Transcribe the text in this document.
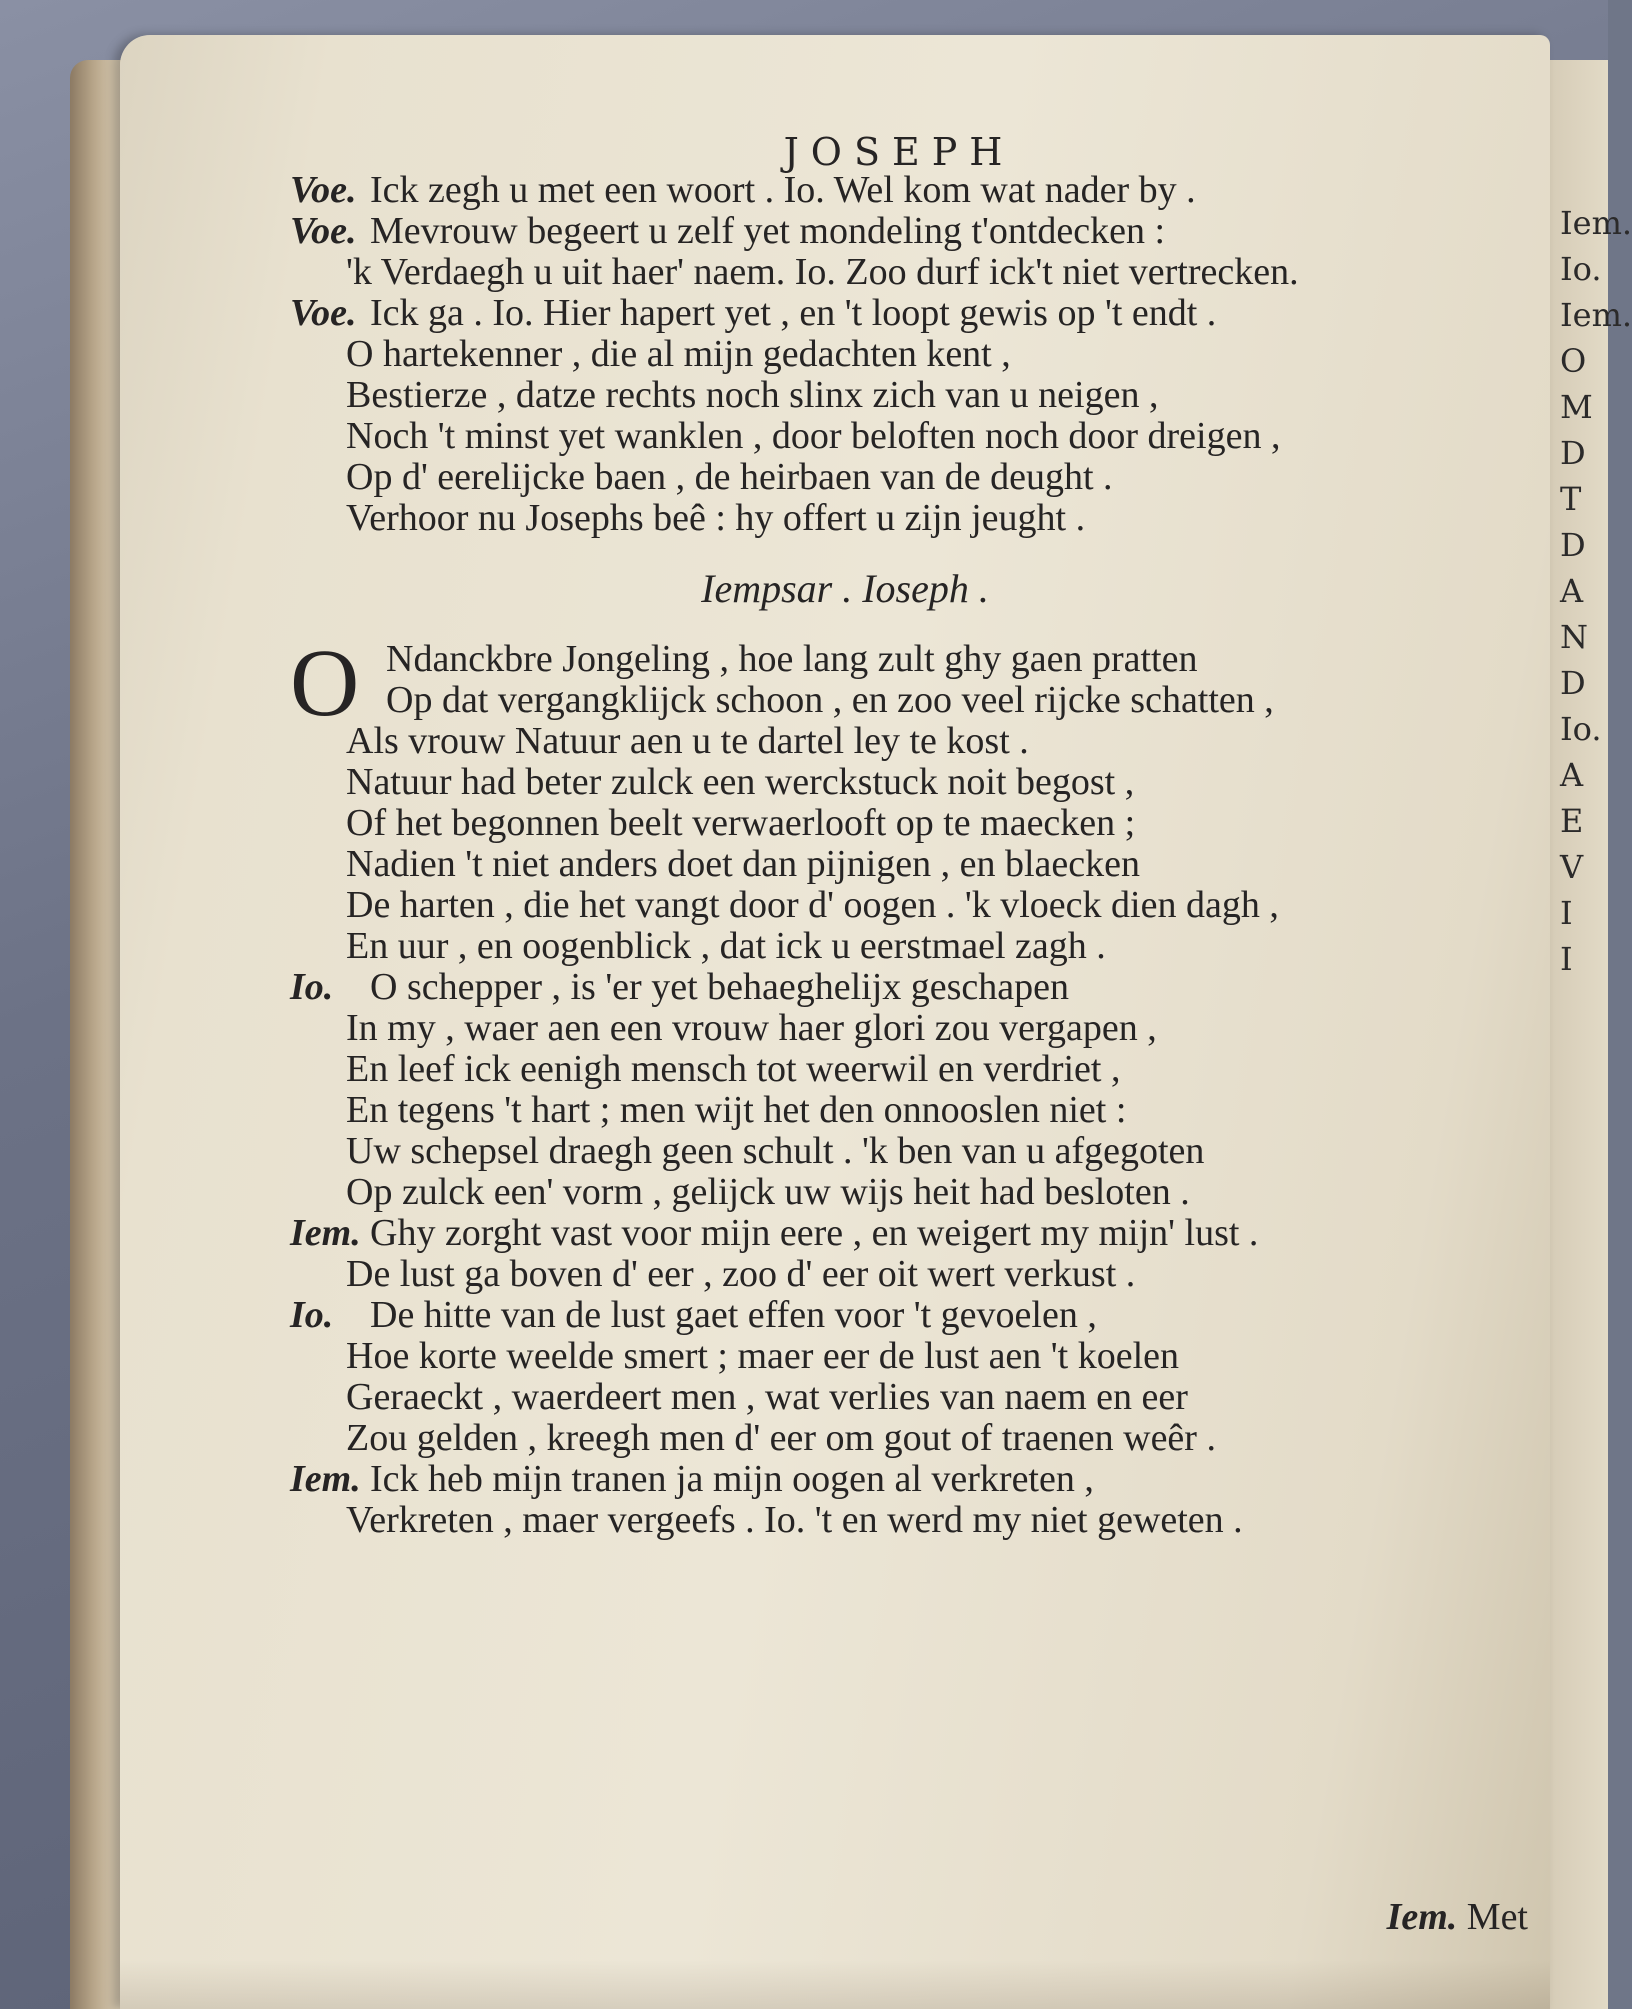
Iem.
Io.
Iem.
O
M
D
T
D
A
N
D
Io.
A
E
V
I
I
JOSEPH
Voe. Ick zegh u met een woort . Io. Wel kom wat nader by .
Voe. Mevrouw begeert u zelf yet mondeling t'ontdecken :
'k Verdaegh u uit haer' naem. Io. Zoo durf ick't niet vertrecken.
Voe. Ick ga . Io. Hier hapert yet , en 't loopt gewis op 't endt .
O hartekenner , die al mijn gedachten kent ,
Bestierze , datze rechts noch slinx zich van u neigen ,
Noch 't minst yet wanklen , door beloften noch door dreigen ,
Op d' eerelijcke baen , de heirbaen van de deught .
Verhoor nu Josephs beê : hy offert u zijn jeught .
Iempsar . Ioseph .
O Ndanckbre Jongeling , hoe lang zult ghy gaen pratten
Op dat vergangklijck schoon , en zoo veel rijcke schatten ,
Als vrouw Natuur aen u te dartel ley te kost .
Natuur had beter zulck een werckstuck noit begost ,
Of het begonnen beelt verwaerlooft op te maecken ;
Nadien 't niet anders doet dan pijnigen , en blaecken
De harten , die het vangt door d' oogen . 'k vloeck dien dagh ,
En uur , en oogenblick , dat ick u eerstmael zagh .
Io. O schepper , is 'er yet behaeghelijx geschapen
In my , waer aen een vrouw haer glori zou vergapen ,
En leef ick eenigh mensch tot weerwil en verdriet ,
En tegens 't hart ; men wijt het den onnooslen niet :
Uw schepsel draegh geen schult . 'k ben van u afgegoten
Op zulck een' vorm , gelijck uw wijs heit had besloten .
Iem. Ghy zorght vast voor mijn eere , en weigert my mijn' lust .
De lust ga boven d' eer , zoo d' eer oit wert verkust .
Io. De hitte van de lust gaet effen voor 't gevoelen ,
Hoe korte weelde smert ; maer eer de lust aen 't koelen
Geraeckt , waerdeert men , wat verlies van naem en eer
Zou gelden , kreegh men d' eer om gout of traenen weêr .
Iem. Ick heb mijn tranen ja mijn oogen al verkreten ,
Verkreten , maer vergeefs . Io. 't en werd my niet geweten .
Iem. Met
